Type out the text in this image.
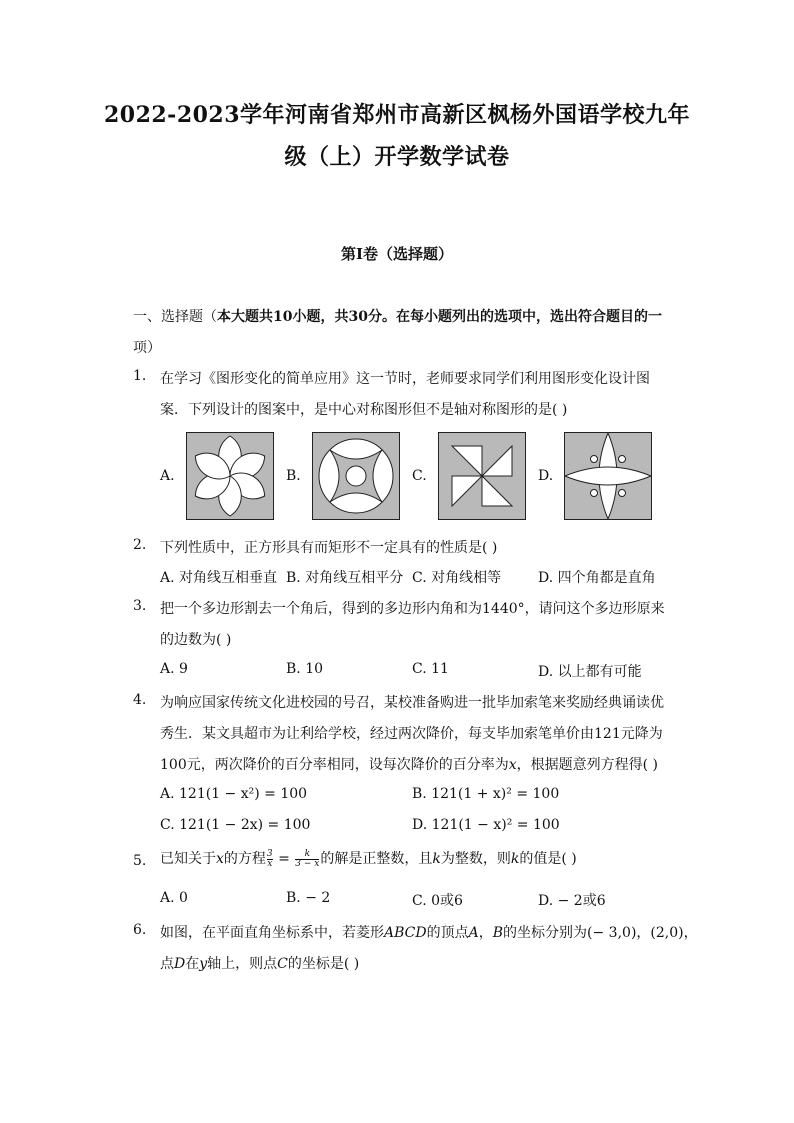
2022-2023学年河南省郑州市高新区枫杨外国语学校九年
级（上）开学数学试卷
第Ⅰ卷（选择题）
一、选择题（本大题共10小题，共30分。在每小题列出的选项中，选出符合题目的一
项）
1. 在学习《图形变化的简单应用》这一节时，老师要求同学们利用图形变化设计图
案．下列设计的图案中，是中心对称图形但不是轴对称图形的是( )
A.	B.	C.	D.
2. 下列性质中，正方形具有而矩形不一定具有的性质是( )
A. 对角线互相垂直 B. 对角线互相平分 C. 对角线相等	D. 四个角都是直角
3. 把一个多边形割去一个角后，得到的多边形内角和为1440°，请问这个多边形原来
的边数为( )
A. 9	B. 10	C. 11	D. 以上都有可能
4. 为响应国家传统文化进校园的号召，某校准备购进一批毕加索笔来奖励经典诵读优
秀生．某文具超市为让利给学校，经过两次降价，每支毕加索笔单价由121元降为
100元，两次降价的百分率相同，设每次降价的百分率为x，根据题意列方程得( )
A. 121(1 − x²) = 100	B. 121(1 + x)² = 100
C. 121(1 − 2x) = 100	D. 121(1 − x)² = 100
5. 已知关于x的方程 $\frac{3}{x} = \frac{k}{3 - x}$ 的解是正整数，且k为整数，则k的值是( )
A. 0	B. − 2	C. 0或6	D. − 2或6
6. 如图，在平面直角坐标系中，若菱形ABCD的顶点A，B的坐标分别为(− 3,0)，(2,0)，
点D在y轴上，则点C的坐标是( )
